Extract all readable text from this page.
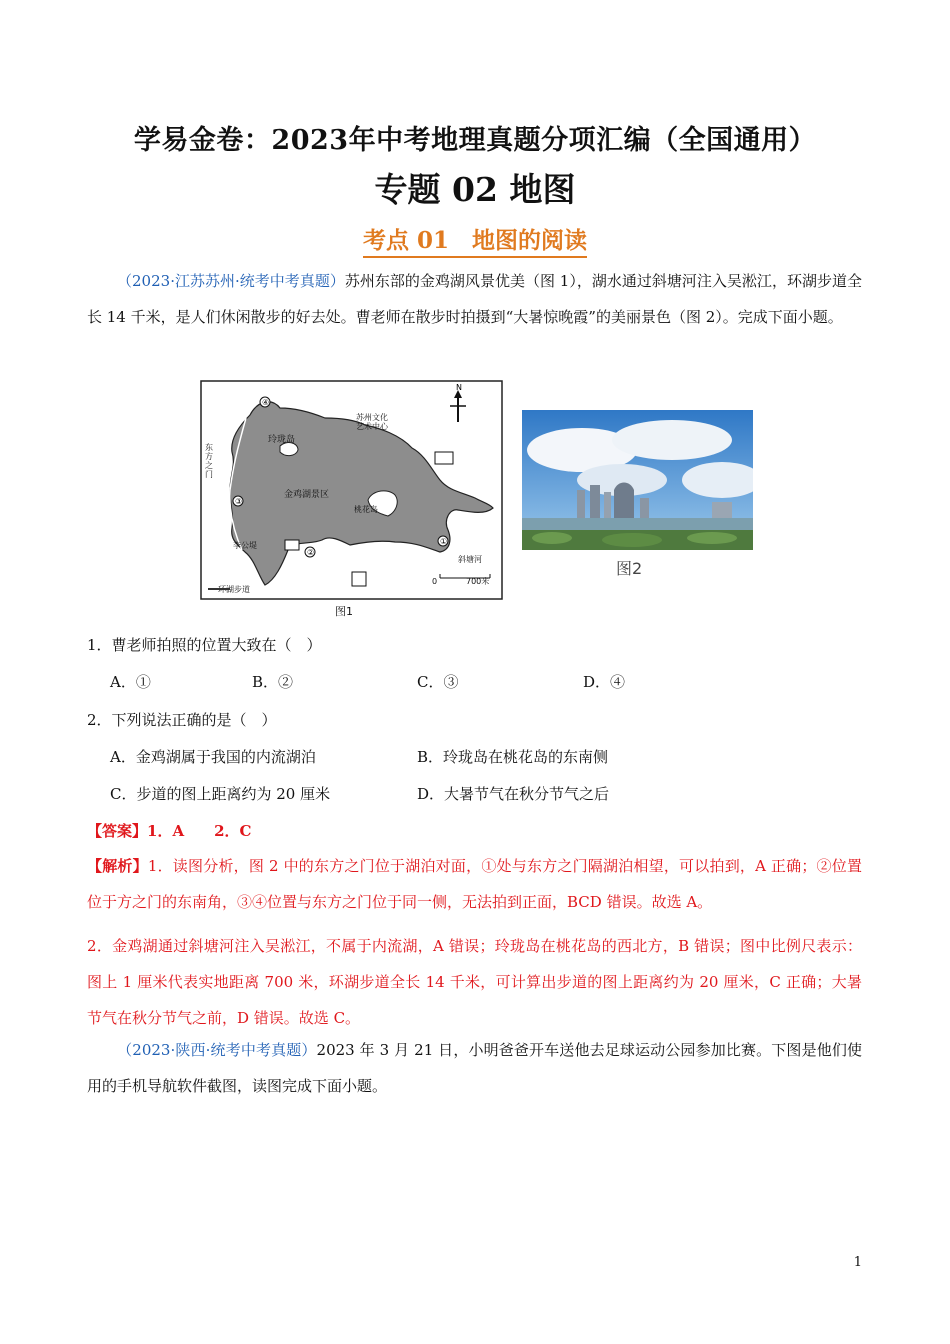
学易金卷：2023年中考地理真题分项汇编（全国通用）
专题 02 地图
考点 01　地图的阅读
（2023·江苏苏州·统考中考真题）苏州东部的金鸡湖风景优美（图 1），湖水通过斜塘河注入吴淞江，环湖步道全长 14 千米，是人们休闲散步的好去处。曹老师在散步时拍摄到“大暑惊晚霞”的美丽景色（图 2）。完成下面小题。
N
①
②
③
④
玲珑岛
金鸡湖景区
桃花岛
李公堤
斜塘河
环湖步道
0	700米
苏州文化
艺术中心
东
方
之
门
图1
图2
1．曹老师拍照的位置大致在（　）
A．①	B．②	C．③	D．④
2．下列说法正确的是（　）
A．金鸡湖属于我国的内流湖泊	B．玲珑岛在桃花岛的东南侧
C．步道的图上距离约为 20 厘米	D．大暑节气在秋分节气之后
【答案】1．A　　2．C
【解析】1．读图分析，图 2 中的东方之门位于湖泊对面，①处与东方之门隔湖泊相望，可以拍到，A 正确；②位置位于方之门的东南角，③④位置与东方之门位于同一侧，无法拍到正面，BCD 错误。故选 A。
2．金鸡湖通过斜塘河注入吴淞江，不属于内流湖，A 错误；玲珑岛在桃花岛的西北方，B 错误；图中比例尺表示：图上 1 厘米代表实地距离 700 米，环湖步道全长 14 千米，可计算出步道的图上距离约为 20 厘米，C 正确；大暑节气在秋分节气之前，D 错误。故选 C。
（2023·陕西·统考中考真题）2023 年 3 月 21 日，小明爸爸开车送他去足球运动公园参加比赛。下图是他们使用的手机导航软件截图，读图完成下面小题。
1
